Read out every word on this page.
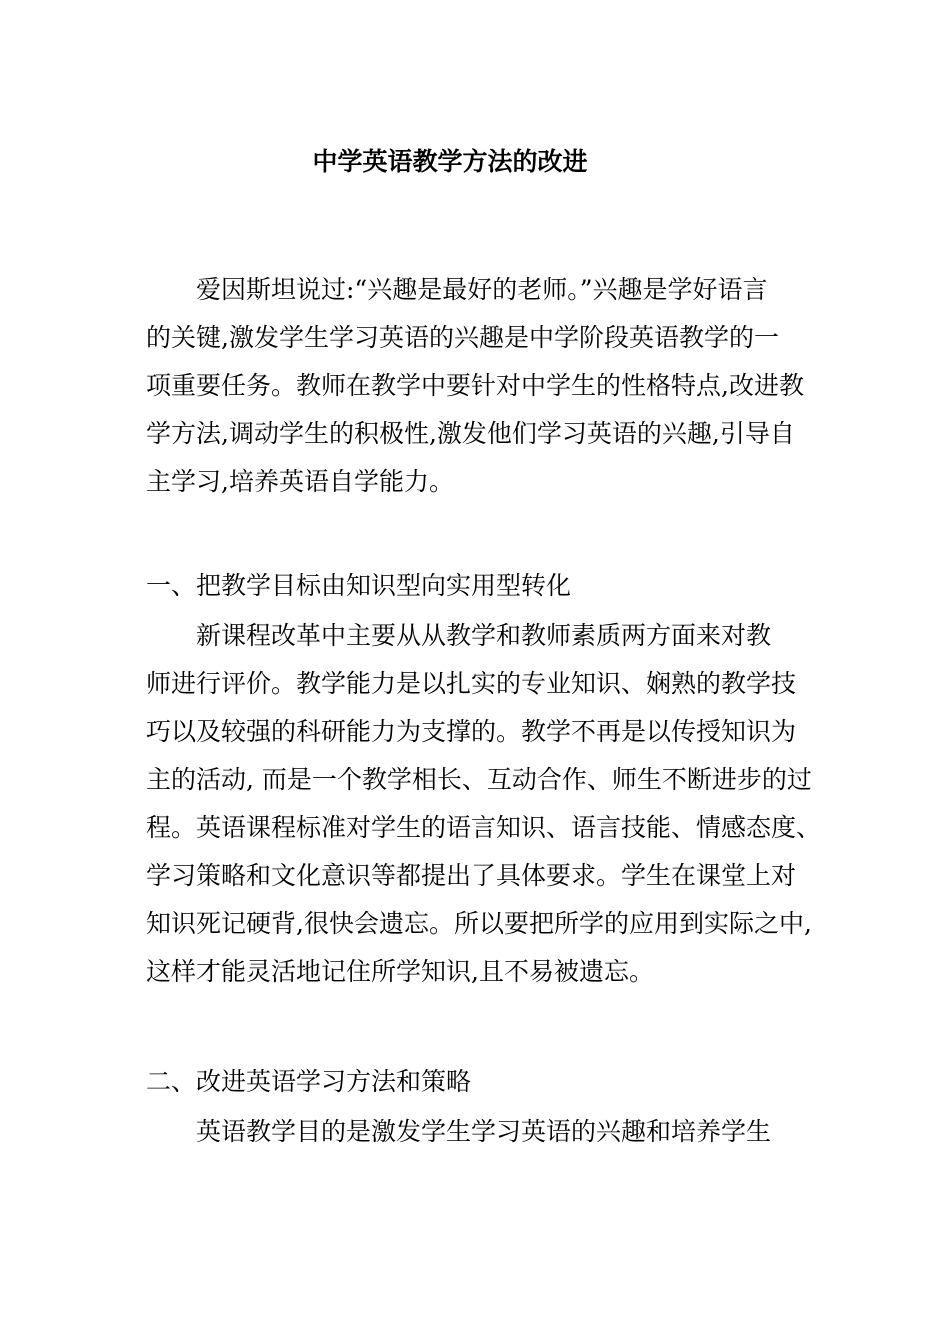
中学英语教学方法的改进
爱因斯坦说过:“兴趣是最好的老师。”兴趣是学好语言
的关键,激发学生学习英语的兴趣是中学阶段英语教学的一
项重要任务。教师在教学中要针对中学生的性格特点,改进教
学方法,调动学生的积极性,激发他们学习英语的兴趣,引导自
主学习,培养英语自学能力。
一、把教学目标由知识型向实用型转化
新课程改革中主要从从教学和教师素质两方面来对教
师进行评价。教学能力是以扎实的专业知识、娴熟的教学技
巧以及较强的科研能力为支撑的。教学不再是以传授知识为
主的活动, 而是一个教学相长、互动合作、师生不断进步的过
程。英语课程标准对学生的语言知识、语言技能、情感态度、
学习策略和文化意识等都提出了具体要求。学生在课堂上对
知识死记硬背,很快会遗忘。所以要把所学的应用到实际之中,
这样才能灵活地记住所学知识,且不易被遗忘。
二、改进英语学习方法和策略
英语教学目的是激发学生学习英语的兴趣和培养学生
